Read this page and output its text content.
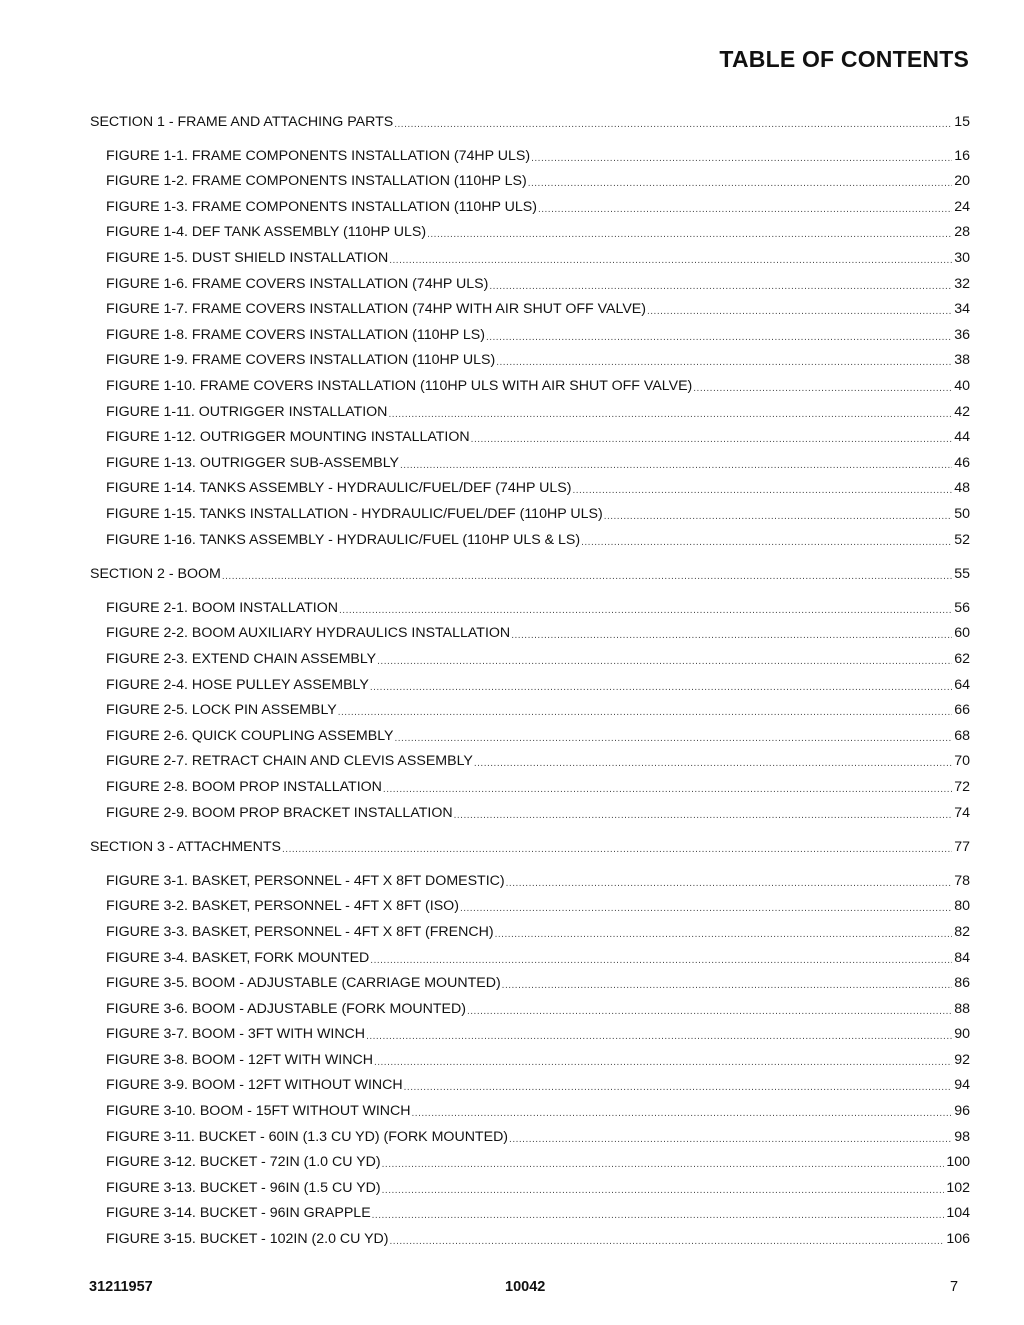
TABLE OF CONTENTS
SECTION 1 - FRAME AND ATTACHING PARTS .....	15
FIGURE 1-1. FRAME COMPONENTS INSTALLATION (74HP ULS) .....	16
FIGURE 1-2. FRAME COMPONENTS INSTALLATION (110HP LS) .....	20
FIGURE 1-3. FRAME COMPONENTS INSTALLATION (110HP ULS) .....	24
FIGURE 1-4. DEF TANK ASSEMBLY (110HP ULS) .....	28
FIGURE 1-5. DUST SHIELD INSTALLATION .....	30
FIGURE 1-6. FRAME COVERS INSTALLATION (74HP ULS) .....	32
FIGURE 1-7. FRAME COVERS INSTALLATION (74HP WITH AIR SHUT OFF VALVE) .....	34
FIGURE 1-8. FRAME COVERS INSTALLATION (110HP LS) .....	36
FIGURE 1-9. FRAME COVERS INSTALLATION (110HP ULS) .....	38
FIGURE 1-10. FRAME COVERS INSTALLATION (110HP ULS WITH AIR SHUT OFF VALVE) .....	40
FIGURE 1-11. OUTRIGGER INSTALLATION .....	42
FIGURE 1-12. OUTRIGGER MOUNTING INSTALLATION .....	44
FIGURE 1-13. OUTRIGGER SUB-ASSEMBLY .....	46
FIGURE 1-14. TANKS ASSEMBLY - HYDRAULIC/FUEL/DEF (74HP ULS) .....	48
FIGURE 1-15. TANKS INSTALLATION - HYDRAULIC/FUEL/DEF (110HP ULS) .....	50
FIGURE 1-16. TANKS ASSEMBLY - HYDRAULIC/FUEL (110HP ULS & LS) .....	52
SECTION 2 - BOOM .....	55
FIGURE 2-1. BOOM INSTALLATION .....	56
FIGURE 2-2. BOOM AUXILIARY HYDRAULICS INSTALLATION .....	60
FIGURE 2-3. EXTEND CHAIN ASSEMBLY .....	62
FIGURE 2-4. HOSE PULLEY ASSEMBLY .....	64
FIGURE 2-5. LOCK PIN ASSEMBLY .....	66
FIGURE 2-6. QUICK COUPLING ASSEMBLY .....	68
FIGURE 2-7. RETRACT CHAIN AND CLEVIS ASSEMBLY .....	70
FIGURE 2-8. BOOM PROP INSTALLATION .....	72
FIGURE 2-9. BOOM PROP BRACKET INSTALLATION .....	74
SECTION 3 - ATTACHMENTS .....	77
FIGURE 3-1. BASKET, PERSONNEL - 4FT X 8FT DOMESTIC) .....	78
FIGURE 3-2. BASKET, PERSONNEL - 4FT X 8FT (ISO) .....	80
FIGURE 3-3. BASKET, PERSONNEL - 4FT X 8FT (FRENCH) .....	82
FIGURE 3-4. BASKET, FORK MOUNTED .....	84
FIGURE 3-5. BOOM - ADJUSTABLE (CARRIAGE MOUNTED) .....	86
FIGURE 3-6. BOOM - ADJUSTABLE (FORK MOUNTED) .....	88
FIGURE 3-7. BOOM - 3FT WITH WINCH .....	90
FIGURE 3-8. BOOM - 12FT WITH WINCH .....	92
FIGURE 3-9. BOOM - 12FT WITHOUT WINCH .....	94
FIGURE 3-10. BOOM - 15FT WITHOUT WINCH .....	96
FIGURE 3-11. BUCKET - 60IN (1.3 CU YD) (FORK MOUNTED) .....	98
FIGURE 3-12. BUCKET - 72IN (1.0 CU YD) .....	100
FIGURE 3-13. BUCKET - 96IN (1.5 CU YD) .....	102
FIGURE 3-14. BUCKET - 96IN GRAPPLE .....	104
FIGURE 3-15. BUCKET - 102IN (2.0 CU YD) .....	106
31211957	10042	7
